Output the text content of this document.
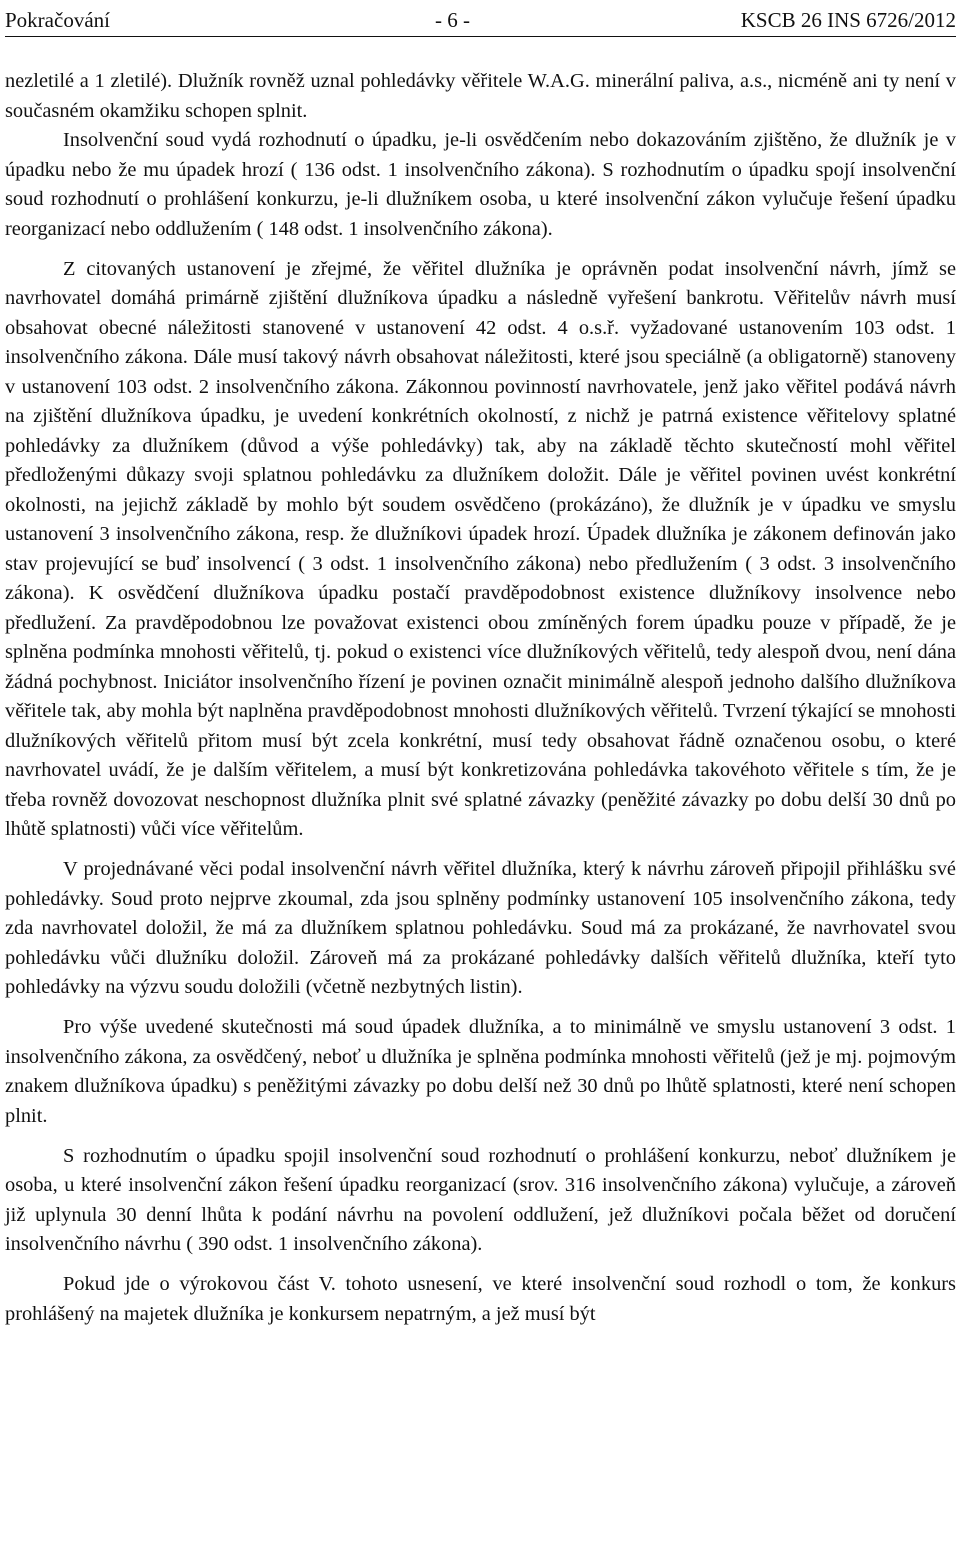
Pokračování	- 6 -	KSCB 26 INS 6726/2012

nezletilé a 1 zletilé). Dlužník rovněž uznal pohledávky věřitele W.A.G. minerální paliva, a.s., nicméně ani ty není v současném okamžiku schopen splnit.

Insolvenční soud vydá rozhodnutí o úpadku, je-li osvědčením nebo dokazováním zjištěno, že dlužník je v úpadku nebo že mu úpadek hrozí ( 136 odst. 1 insolvenčního zákona). S rozhodnutím o úpadku spojí insolvenční soud rozhodnutí o prohlášení konkurzu, je-li dlužníkem osoba, u které insolvenční zákon vylučuje řešení úpadku reorganizací nebo oddlužením ( 148 odst. 1 insolvenčního zákona).

Z citovaných ustanovení je zřejmé, že věřitel dlužníka je oprávněn podat insolvenční návrh, jímž se navrhovatel domáhá primárně zjištění dlužníkova úpadku a následně vyřešení bankrotu. Věřitelův návrh musí obsahovat obecné náležitosti stanovené v ustanovení 42 odst. 4 o.s.ř. vyžadované ustanovením 103 odst. 1 insolvenčního zákona. Dále musí takový návrh obsahovat náležitosti, které jsou speciálně (a obligatorně) stanoveny v ustanovení 103 odst. 2 insolvenčního zákona. Zákonnou povinností navrhovatele, jenž jako věřitel podává návrh na zjištění dlužníkova úpadku, je uvedení konkrétních okolností, z nichž je patrná existence věřitelovy splatné pohledávky za dlužníkem (důvod a výše pohledávky) tak, aby na základě těchto skutečností mohl věřitel předloženými důkazy svoji splatnou pohledávku za dlužníkem doložit. Dále je věřitel povinen uvést konkrétní okolnosti, na jejichž základě by mohlo být soudem osvědčeno (prokázáno), že dlužník je v úpadku ve smyslu ustanovení 3 insolvenčního zákona, resp. že dlužníkovi úpadek hrozí. Úpadek dlužníka je zákonem definován jako stav projevující se buď insolvencí ( 3 odst. 1 insolvenčního zákona) nebo předlužením ( 3 odst. 3 insolvenčního zákona). K osvědčení dlužníkova úpadku postačí pravděpodobnost existence dlužníkovy insolvence nebo předlužení. Za pravděpodobnou lze považovat existenci obou zmíněných forem úpadku pouze v případě, že je splněna podmínka mnohosti věřitelů, tj. pokud o existenci více dlužníkových věřitelů, tedy alespoň dvou, není dána žádná pochybnost. Iniciátor insolvenčního řízení je povinen označit minimálně alespoň jednoho dalšího dlužníkova věřitele tak, aby mohla být naplněna pravděpodobnost mnohosti dlužníkových věřitelů. Tvrzení týkající se mnohosti dlužníkových věřitelů přitom musí být zcela konkrétní, musí tedy obsahovat řádně označenou osobu, o které navrhovatel uvádí, že je dalším věřitelem, a musí být konkretizována pohledávka takovéhoto věřitele s tím, že je třeba rovněž dovozovat neschopnost dlužníka plnit své splatné závazky (peněžité závazky po dobu delší 30 dnů po lhůtě splatnosti) vůči více věřitelům.

V projednávané věci podal insolvenční návrh věřitel dlužníka, který k návrhu zároveň připojil přihlášku své pohledávky. Soud proto nejprve zkoumal, zda jsou splněny podmínky ustanovení 105 insolvenčního zákona, tedy zda navrhovatel doložil, že má za dlužníkem splatnou pohledávku. Soud má za prokázané, že navrhovatel svou pohledávku vůči dlužníku doložil. Zároveň má za prokázané pohledávky dalších věřitelů dlužníka, kteří tyto pohledávky na výzvu soudu doložili (včetně nezbytných listin).

Pro výše uvedené skutečnosti má soud úpadek dlužníka, a to minimálně ve smyslu ustanovení 3 odst. 1 insolvenčního zákona, za osvědčený, neboť u dlužníka je splněna podmínka mnohosti věřitelů (jež je mj. pojmovým znakem dlužníkova úpadku) s peněžitými závazky po dobu delší než 30 dnů po lhůtě splatnosti, které není schopen plnit.

S rozhodnutím o úpadku spojil insolvenční soud rozhodnutí o prohlášení konkurzu, neboť dlužníkem je osoba, u které insolvenční zákon řešení úpadku reorganizací (srov. 316 insolvenčního zákona) vylučuje, a zároveň již uplynula 30 denní lhůta k podání návrhu na povolení oddlužení, jež dlužníkovi počala běžet od doručení insolvenčního návrhu ( 390 odst. 1 insolvenčního zákona).

Pokud jde o výrokovou část V. tohoto usnesení, ve které insolvenční soud rozhodl o tom, že konkurs prohlášený na majetek dlužníka je konkursem nepatrným, a jež musí být
